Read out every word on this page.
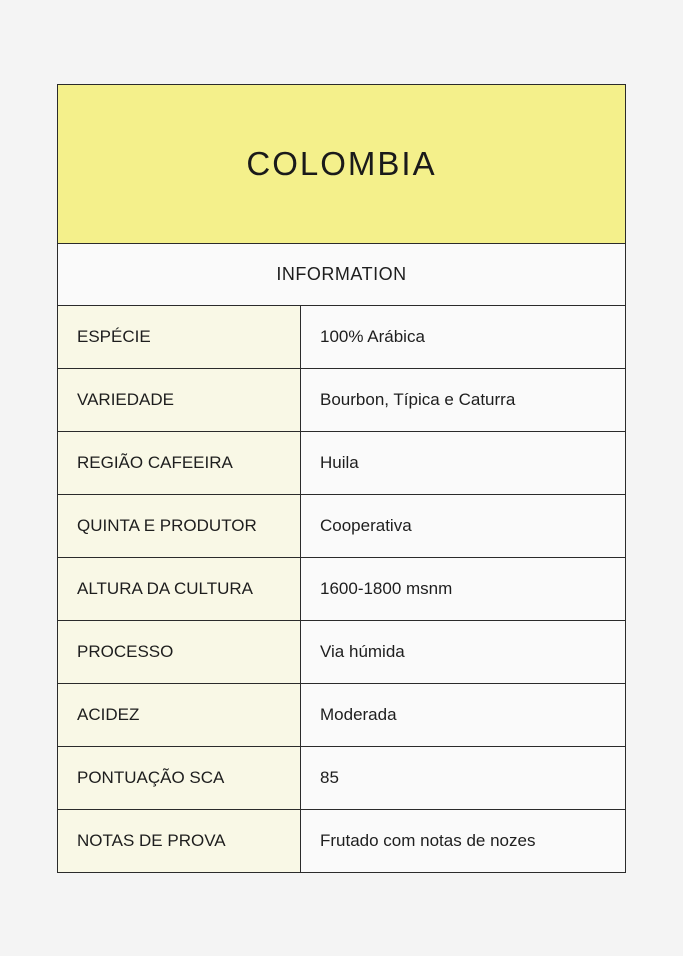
COLOMBIA
INFORMATION
ESPÉCIE	100% Arábica
VARIEDADE	Bourbon, Típica e Caturra
REGIÃO CAFEEIRA	Huila
QUINTA E PRODUTOR	Cooperativa
ALTURA DA CULTURA	1600-1800 msnm
PROCESSO	Via húmida
ACIDEZ	Moderada
PONTUAÇÃO SCA	85
NOTAS DE PROVA	Frutado com notas de nozes
